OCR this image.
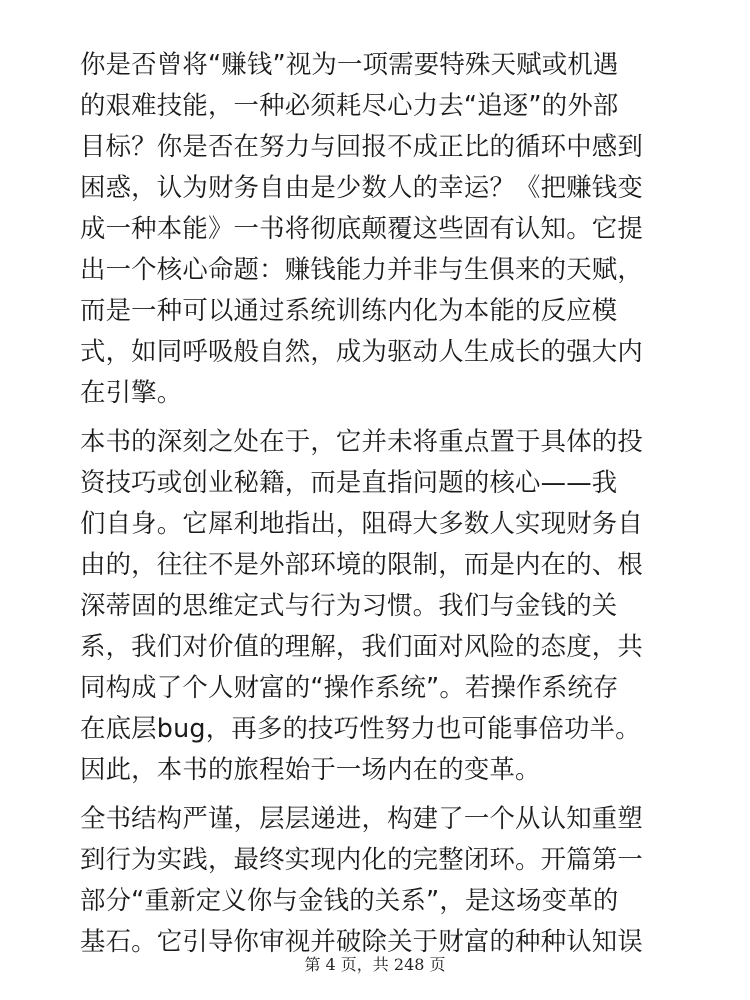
你是否曾将“赚钱”视为一项需要特殊天赋或机遇
的艰难技能，一种必须耗尽心力去“追逐”的外部
目标？你是否在努力与回报不成正比的循环中感到
困惑，认为财务自由是少数人的幸运？《把赚钱变
成一种本能》一书将彻底颠覆这些固有认知。它提
出一个核心命题：赚钱能力并非与生俱来的天赋，
而是一种可以通过系统训练内化为本能的反应模
式，如同呼吸般自然，成为驱动人生成长的强大内
在引擎。
本书的深刻之处在于，它并未将重点置于具体的投
资技巧或创业秘籍，而是直指问题的核心——我
们自身。它犀利地指出，阻碍大多数人实现财务自
由的，往往不是外部环境的限制，而是内在的、根
深蒂固的思维定式与行为习惯。我们与金钱的关
系，我们对价值的理解，我们面对风险的态度，共
同构成了个人财富的“操作系统”。若操作系统存
在底层bug，再多的技巧性努力也可能事倍功半。
因此，本书的旅程始于一场内在的变革。
全书结构严谨，层层递进，构建了一个从认知重塑
到行为实践，最终实现内化的完整闭环。开篇第一
部分“重新定义你与金钱的关系”，是这场变革的
基石。它引导你审视并破除关于财富的种种认知误
第 4 页，共 248 页
